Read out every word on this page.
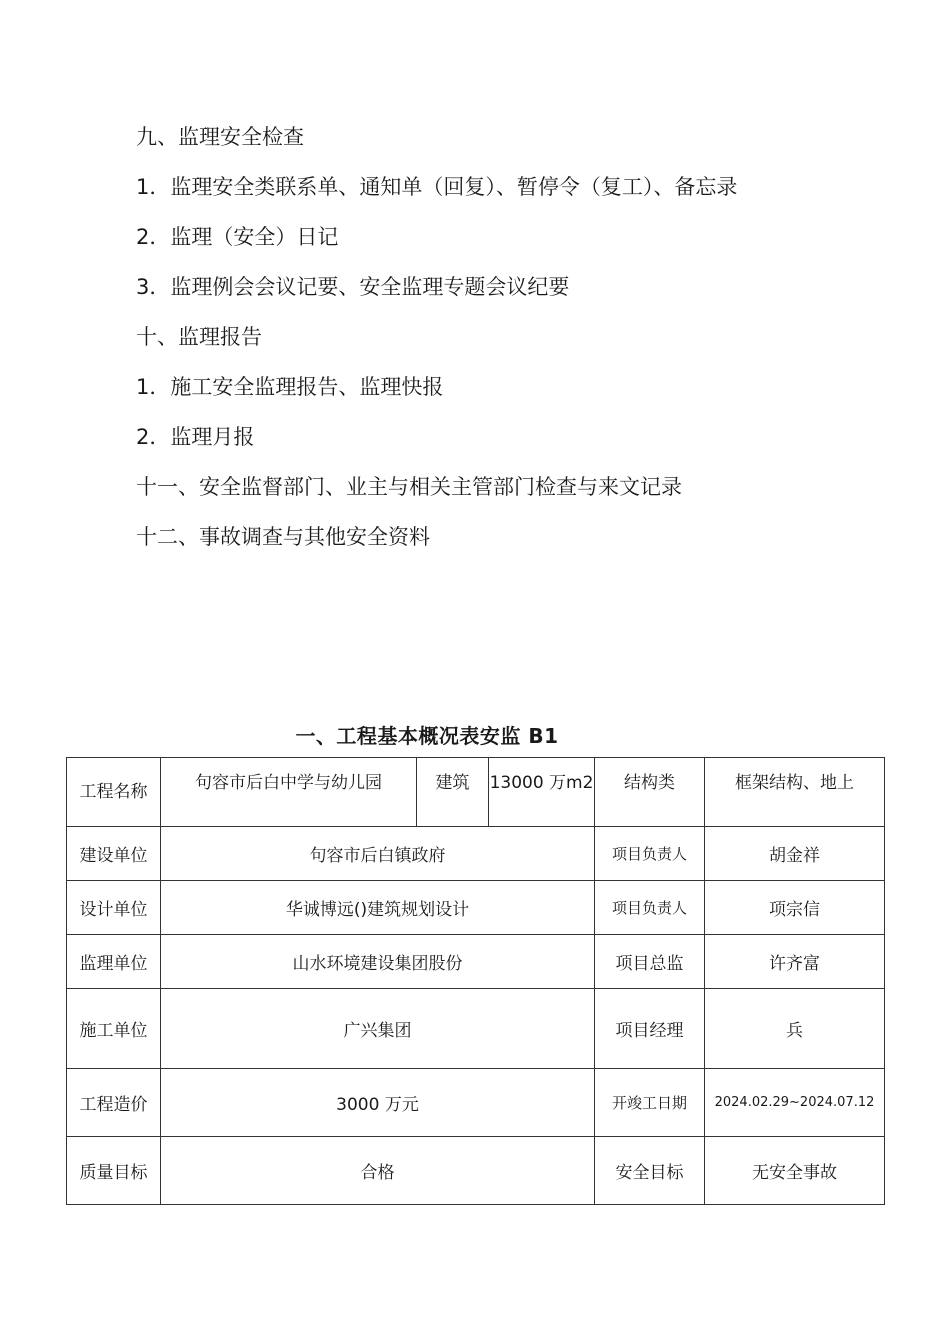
九、监理安全检查
1．监理安全类联系单、通知单（回复）、暂停令（复工）、备忘录
2．监理（安全）日记
3．监理例会会议记要、安全监理专题会议纪要
十、监理报告
1．施工安全监理报告、监理快报
2．监理月报
十一、安全监督部门、业主与相关主管部门检查与来文记录
十二、事故调查与其他安全资料
一、工程基本概况表安监 B1
工程名称	句容市后白中学与幼儿园	建筑	13000 万m2	结构类	框架结构、地上

建设单位	句容市后白镇政府			项目负责人	胡金祥
设计单位	华诚博远()建筑规划设计			项目负责人	项宗信
监理单位	山水环境建设集团股份			项目总监	许齐富
施工单位	广兴集团			项目经理	兵
工程造价	3000 万元			开竣工日期	2024.02.29~2024.07.12
质量目标	合格			安全目标	无安全事故
